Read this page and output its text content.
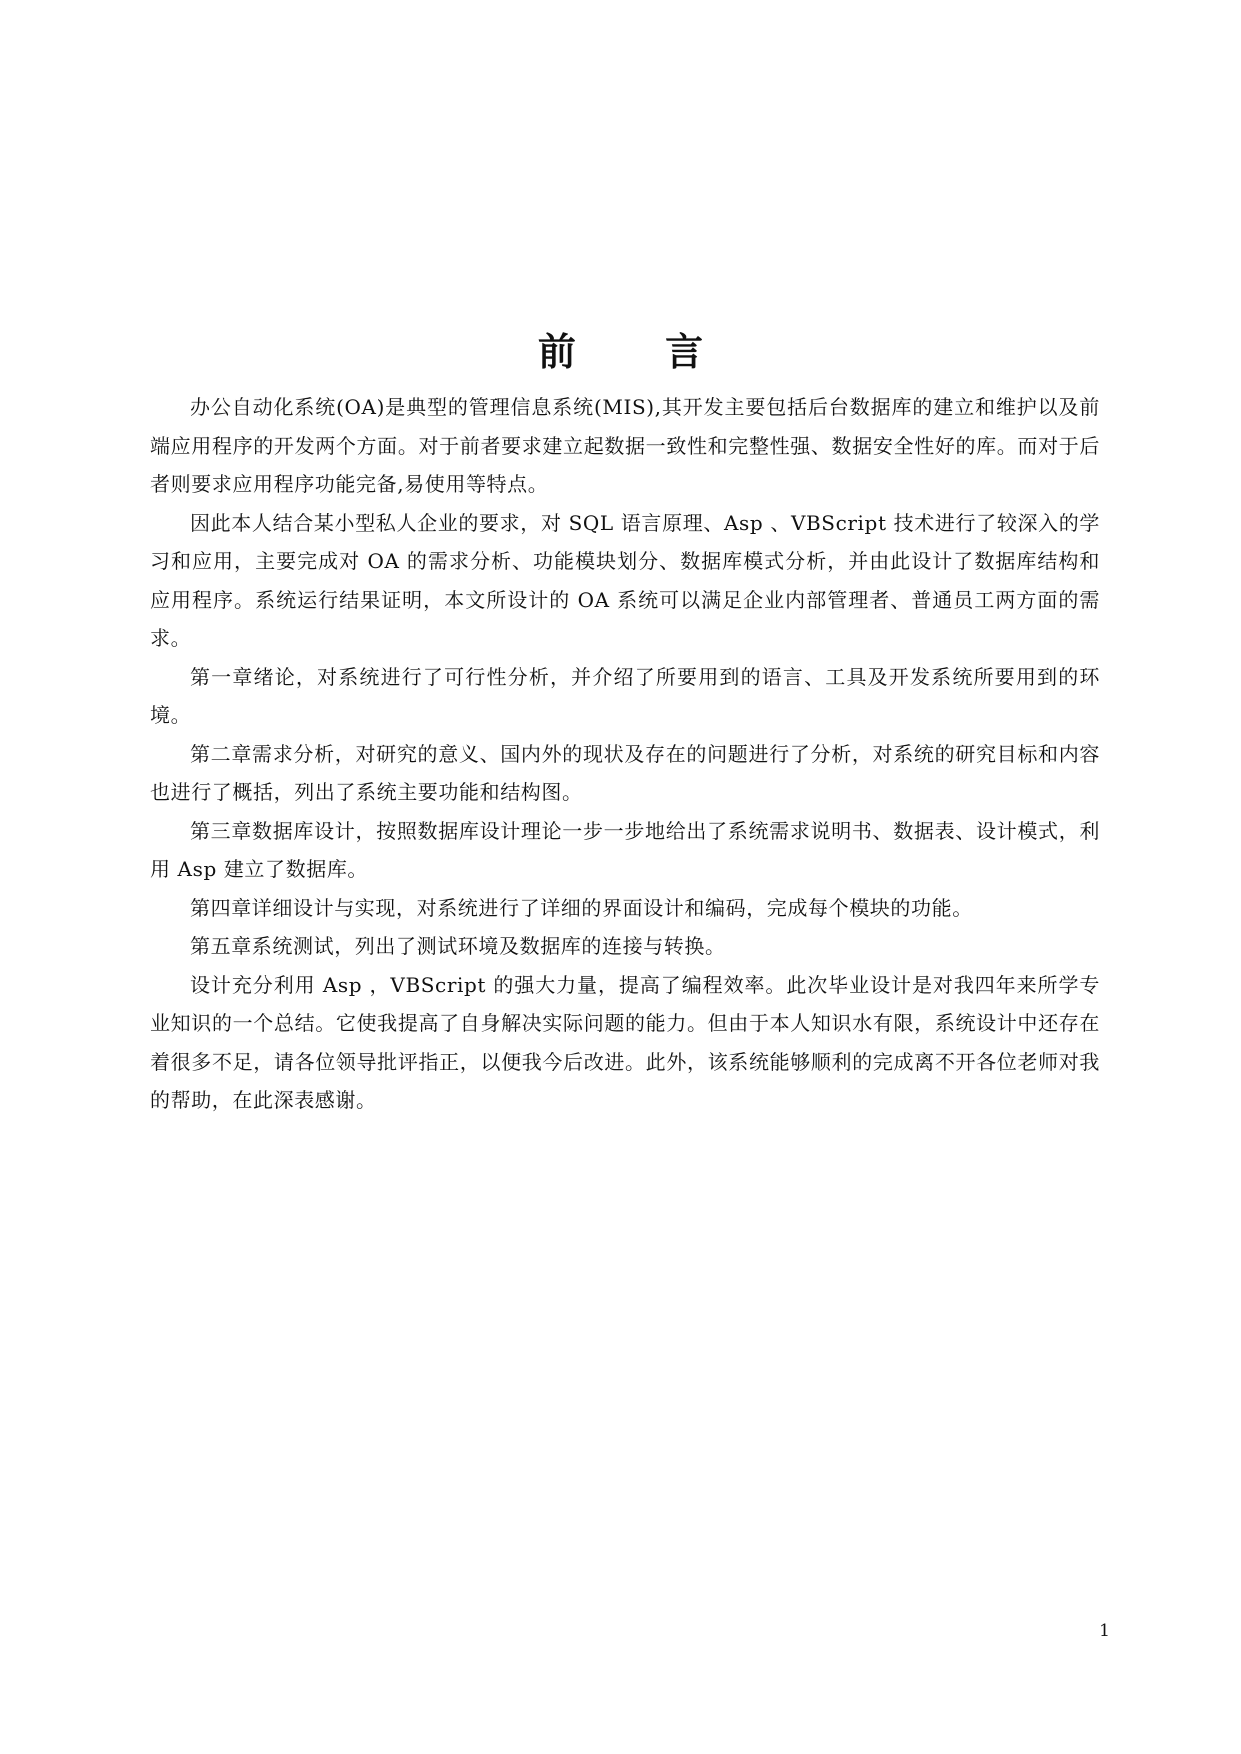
前 言

办公自动化系统(OA)是典型的管理信息系统(MIS),其开发主要包括后台数据库的建立和维护以及前端应用程序的开发两个方面。对于前者要求建立起数据一致性和完整性强、数据安全性好的库。而对于后者则要求应用程序功能完备,易使用等特点。

因此本人结合某小型私人企业的要求，对 SQL 语言原理、Asp 、VBScript 技术进行了较深入的学习和应用，主要完成对 OA 的需求分析、功能模块划分、数据库模式分析，并由此设计了数据库结构和应用程序。系统运行结果证明，本文所设计的 OA 系统可以满足企业内部管理者、普通员工两方面的需求。

第一章绪论，对系统进行了可行性分析，并介绍了所要用到的语言、工具及开发系统所要用到的环境。

第二章需求分析，对研究的意义、国内外的现状及存在的问题进行了分析，对系统的研究目标和内容也进行了概括，列出了系统主要功能和结构图。

第三章数据库设计，按照数据库设计理论一步一步地给出了系统需求说明书、数据表、设计模式，利用 Asp 建立了数据库。

第四章详细设计与实现，对系统进行了详细的界面设计和编码，完成每个模块的功能。

第五章系统测试，列出了测试环境及数据库的连接与转换。

设计充分利用 Asp ，VBScript 的强大力量，提高了编程效率。此次毕业设计是对我四年来所学专业知识的一个总结。它使我提高了自身解决实际问题的能力。但由于本人知识水有限，系统设计中还存在着很多不足，请各位领导批评指正，以便我今后改进。此外，该系统能够顺利的完成离不开各位老师对我的帮助，在此深表感谢。

1
